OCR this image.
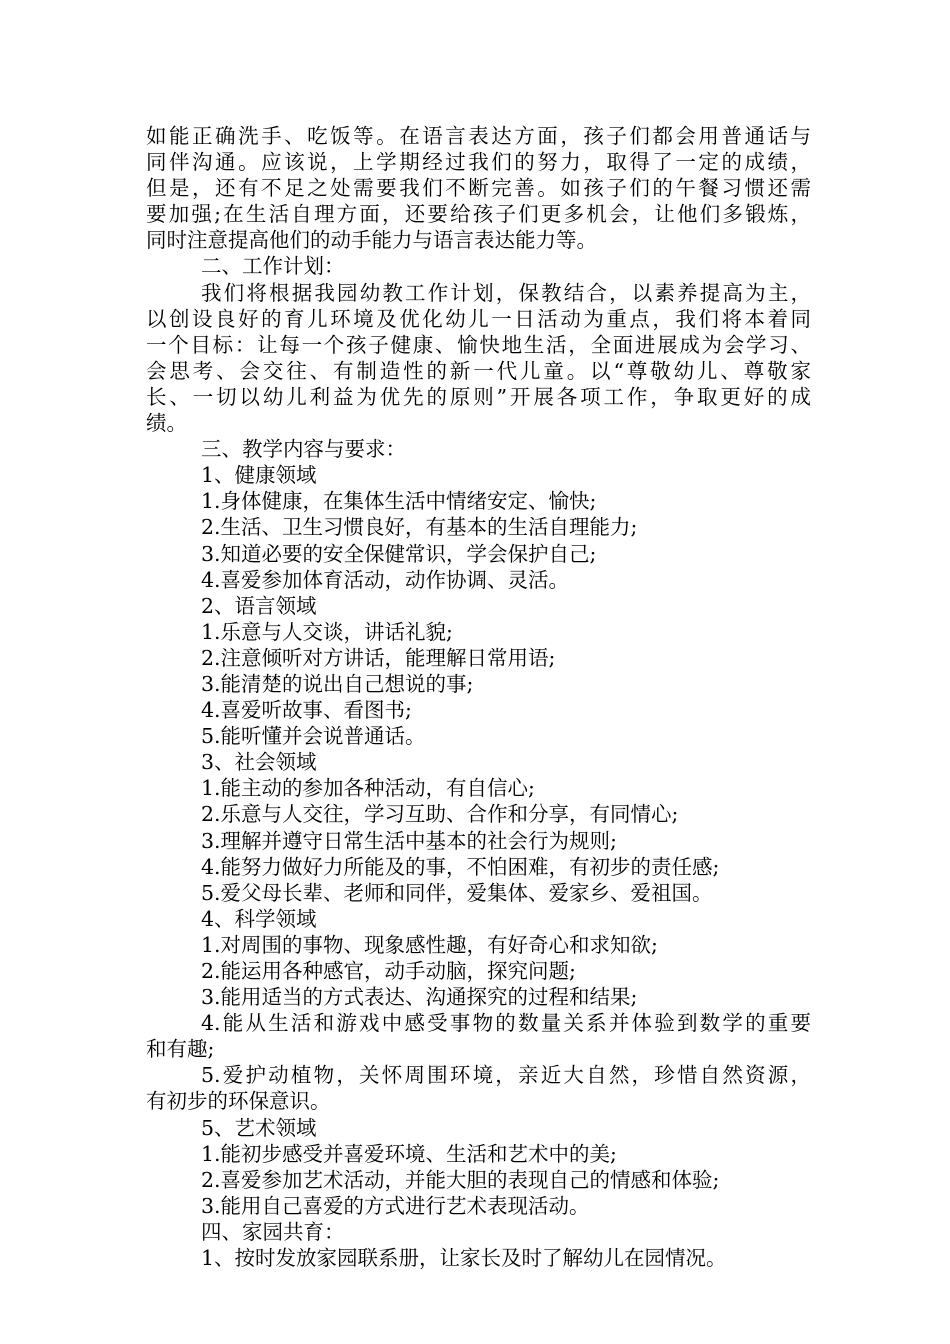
如能正确洗手、吃饭等。在语言表达方面，孩子们都会用普通话与
同伴沟通。应该说，上学期经过我们的努力，取得了一定的成绩，
但是，还有不足之处需要我们不断完善。如孩子们的午餐习惯还需
要加强;在生活自理方面，还要给孩子们更多机会，让他们多锻炼，
同时注意提高他们的动手能力与语言表达能力等。
二、工作计划：
我们将根据我园幼教工作计划，保教结合，以素养提高为主，
以创设良好的育儿环境及优化幼儿一日活动为重点，我们将本着同
一个目标：让每一个孩子健康、愉快地生活，全面进展成为会学习、
会思考、会交往、有制造性的新一代儿童。以“尊敬幼儿、尊敬家
长、一切以幼儿利益为优先的原则”开展各项工作，争取更好的成
绩。
三、教学内容与要求：
1、健康领域
1.身体健康，在集体生活中情绪安定、愉快;
2.生活、卫生习惯良好，有基本的生活自理能力;
3.知道必要的安全保健常识，学会保护自己;
4.喜爱参加体育活动，动作协调、灵活。
2、语言领域
1.乐意与人交谈，讲话礼貌;
2.注意倾听对方讲话，能理解日常用语;
3.能清楚的说出自己想说的事;
4.喜爱听故事、看图书;
5.能听懂并会说普通话。
3、社会领域
1.能主动的参加各种活动，有自信心;
2.乐意与人交往，学习互助、合作和分享，有同情心;
3.理解并遵守日常生活中基本的社会行为规则;
4.能努力做好力所能及的事，不怕困难，有初步的责任感;
5.爱父母长辈、老师和同伴，爱集体、爱家乡、爱祖国。
4、科学领域
1.对周围的事物、现象感性趣，有好奇心和求知欲;
2.能运用各种感官，动手动脑，探究问题;
3.能用适当的方式表达、沟通探究的过程和结果;
4.能从生活和游戏中感受事物的数量关系并体验到数学的重要
和有趣;
5.爱护动植物，关怀周围环境，亲近大自然，珍惜自然资源，
有初步的环保意识。
5、艺术领域
1.能初步感受并喜爱环境、生活和艺术中的美;
2.喜爱参加艺术活动，并能大胆的表现自己的情感和体验;
3.能用自己喜爱的方式进行艺术表现活动。
四、家园共育：
1、按时发放家园联系册，让家长及时了解幼儿在园情况。
